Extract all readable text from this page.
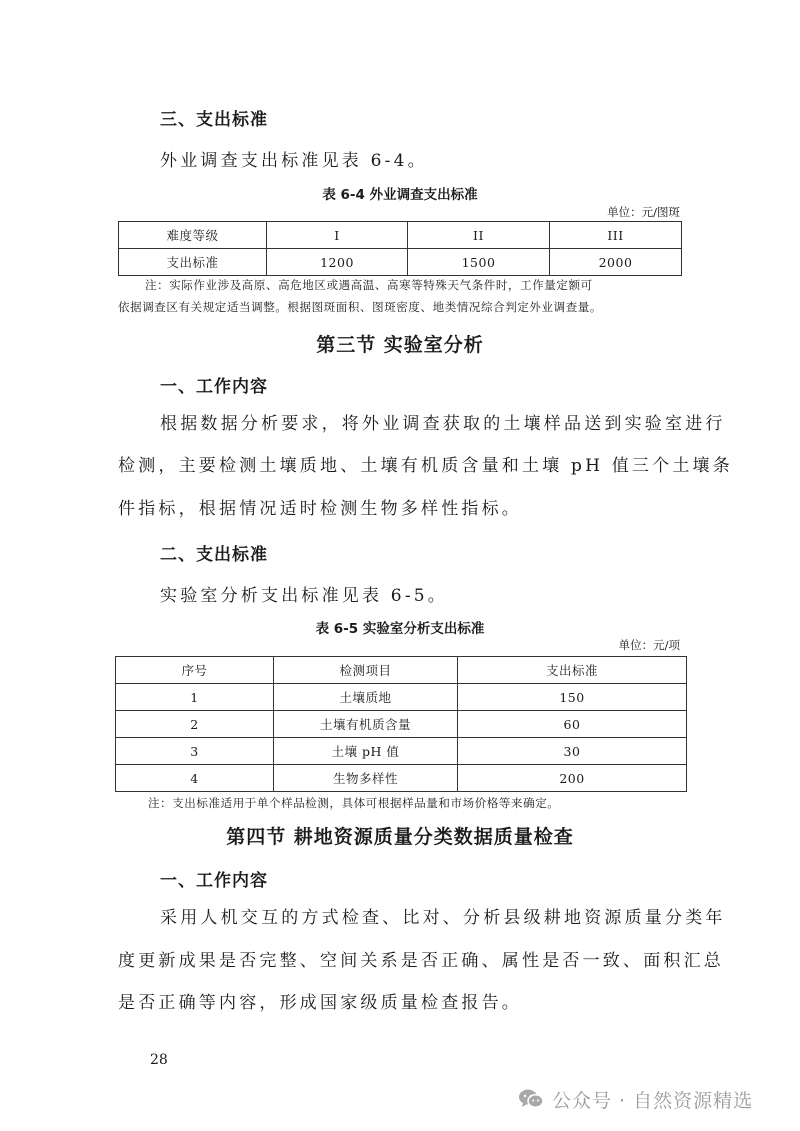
三、支出标准
外业调查支出标准见表 6-4。
表 6-4 外业调查支出标准
单位：元/图斑
难度等级	I	II	III
支出标准	1200	1500	2000
注：实际作业涉及高原、高危地区或遇高温、高寒等特殊天气条件时，工作量定额可
依据调查区有关规定适当调整。根据图斑面积、图斑密度、地类情况综合判定外业调查量。
第三节 实验室分析
一、工作内容
根据数据分析要求，将外业调查获取的土壤样品送到实验室进行
检测，主要检测土壤质地、土壤有机质含量和土壤 pH 值三个土壤条
件指标，根据情况适时检测生物多样性指标。
二、支出标准
实验室分析支出标准见表 6-5。
表 6-5 实验室分析支出标准
单位：元/项
序号	检测项目	支出标准
1	土壤质地	150
2	土壤有机质含量	60
3	土壤 pH 值	30
4	生物多样性	200
注：支出标准适用于单个样品检测，具体可根据样品量和市场价格等来确定。
第四节 耕地资源质量分类数据质量检查
一、工作内容
采用人机交互的方式检查、比对、分析县级耕地资源质量分类年
度更新成果是否完整、空间关系是否正确、属性是否一致、面积汇总
是否正确等内容，形成国家级质量检查报告。
28
公众号 · 自然资源精选
